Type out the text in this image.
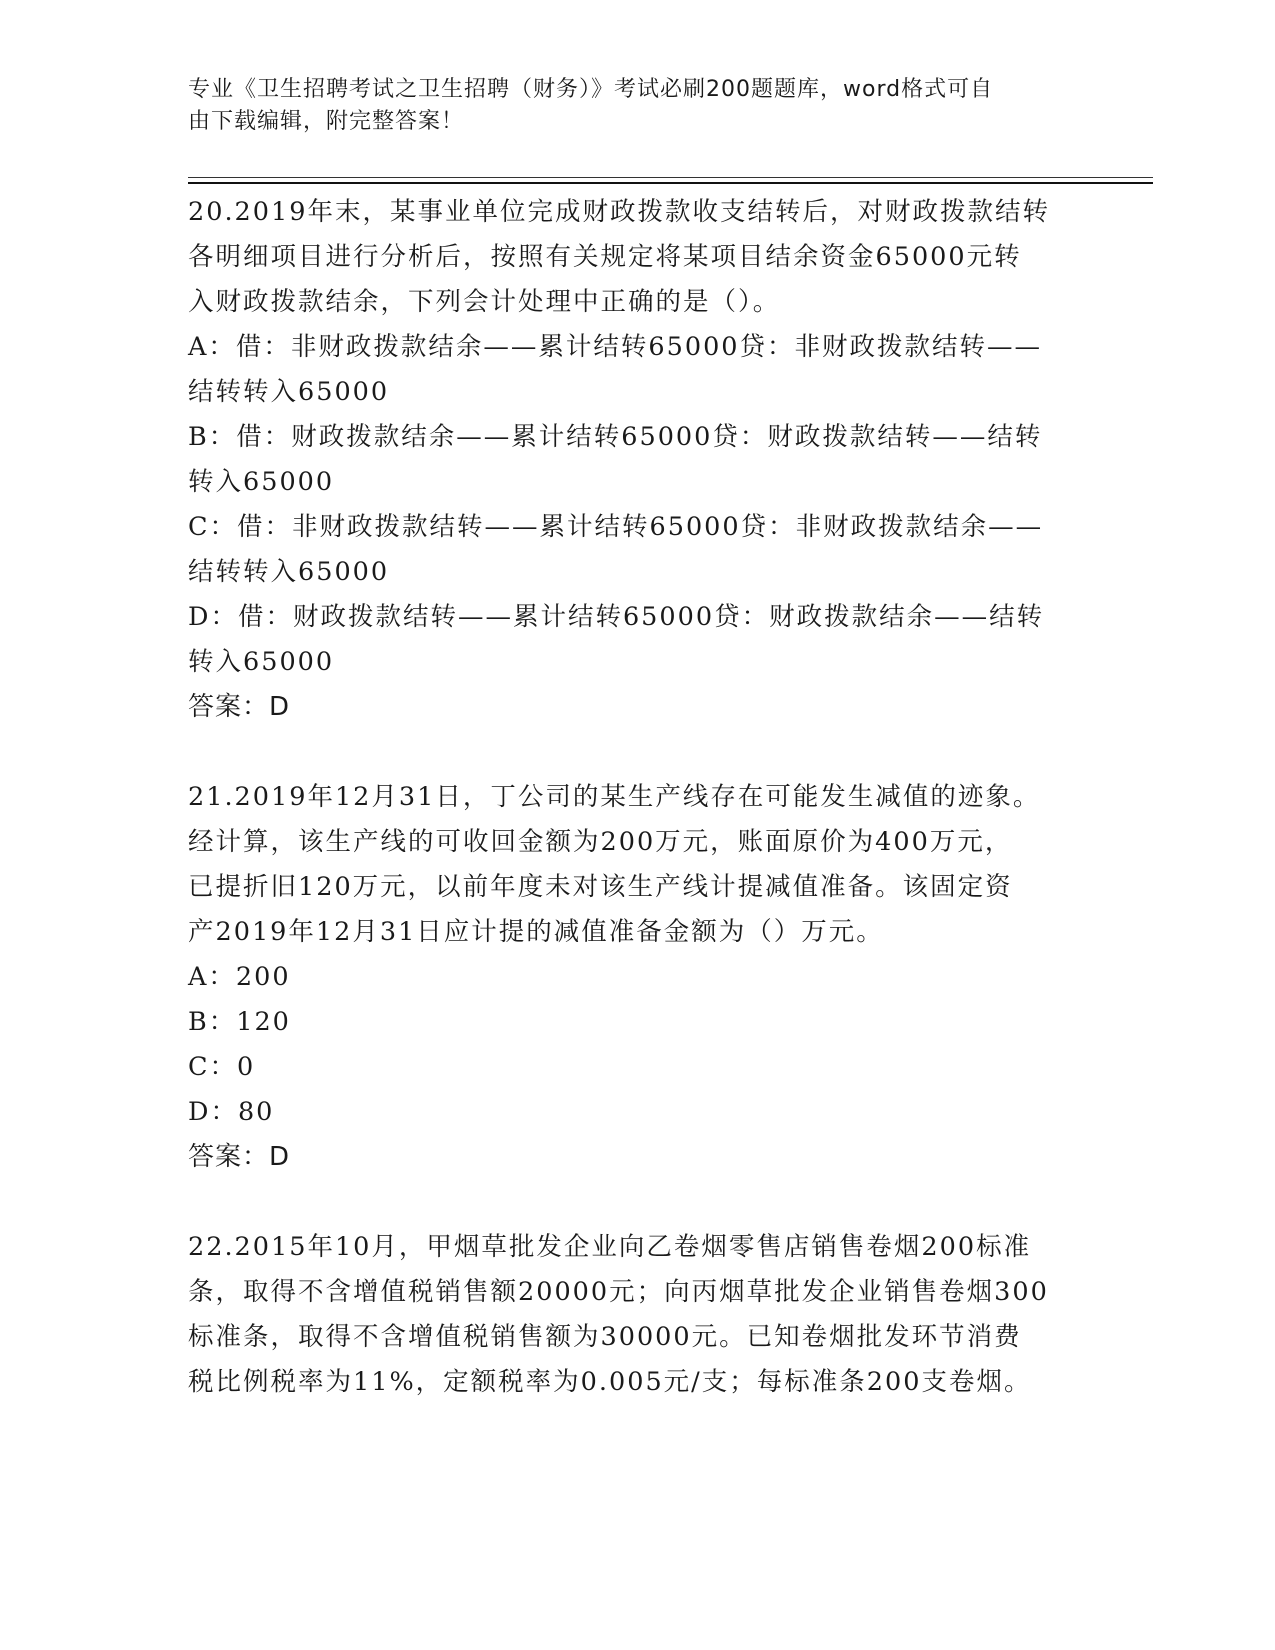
专业《卫生招聘考试之卫生招聘（财务）》考试必刷200题题库，word格式可自
由下载编辑，附完整答案！
20.2019年末，某事业单位完成财政拨款收支结转后，对财政拨款结转
各明细项目进行分析后，按照有关规定将某项目结余资金65000元转
入财政拨款结余，下列会计处理中正确的是（）。
A：借：非财政拨款结余——累计结转65000贷：非财政拨款结转——
结转转入65000
B：借：财政拨款结余——累计结转65000贷：财政拨款结转——结转
转入65000
C：借：非财政拨款结转——累计结转65000贷：非财政拨款结余——
结转转入65000
D：借：财政拨款结转——累计结转65000贷：财政拨款结余——结转
转入65000
答案：D
21.2019年12月31日，丁公司的某生产线存在可能发生减值的迹象。
经计算，该生产线的可收回金额为200万元，账面原价为400万元，
已提折旧120万元，以前年度未对该生产线计提减值准备。该固定资
产2019年12月31日应计提的减值准备金额为（）万元。
A：200
B：120
C：0
D：80
答案：D
22.2015年10月，甲烟草批发企业向乙卷烟零售店销售卷烟200标准
条，取得不含增值税销售额20000元；向丙烟草批发企业销售卷烟300
标准条，取得不含增值税销售额为30000元。已知卷烟批发环节消费
税比例税率为11%，定额税率为0.005元/支；每标准条200支卷烟。
